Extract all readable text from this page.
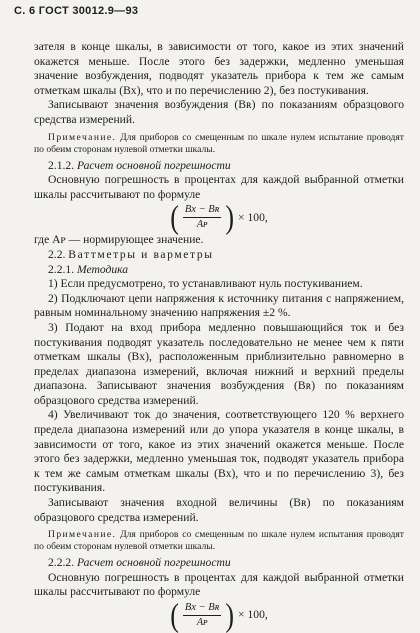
С. 6 ГОСТ 30012.9—93

зателя в конце шкалы, в зависимости от того, какое из этих значений окажется меньше. После этого без задержки, медленно уменьшая значение возбуждения, подводят указатель прибора к тем же самым отметкам шкалы (Bx), что и по перечислению 2), без постукивания.

Записывают значения возбуждения (Bʀ) по показаниям образцового средства измерений.

Примечание. Для приборов со смещенным по шкале нулем испытание проводят по обеим сторонам нулевой отметки шкалы.

2.1.2. Расчет основной погрешности

Основную погрешность в процентах для каждой выбранной отметки шкалы рассчитывают по формуле

( $\frac{\text{Bx − Bʀ}}{\text{Aᴘ}}$ ) × 100,

где Aᴘ — нормирующее значение.

2.2. Ваттметры и варметры

2.2.1. Методика

1) Если предусмотрено, то устанавливают нуль постукиванием.

2) Подключают цепи напряжения к источнику питания с напряжением, равным номинальному значению напряжения ±2 %.

3) Подают на вход прибора медленно повышающийся ток и без постукивания подводят указатель последовательно не менее чем к пяти отметкам шкалы (Bx), расположенным приблизительно равномерно в пределах диапазона измерений, включая нижний и верхний пределы диапазона. Записывают значения возбуждения (Bʀ) по показаниям образцового средства измерений.

4) Увеличивают ток до значения, соответствующего 120 % верхнего предела диапазона измерений или до упора указателя в конце шкалы, в зависимости от того, какое из этих значений окажется меньше. После этого без задержки, медленно уменьшая ток, подводят указатель прибора к тем же самым отметкам шкалы (Bx), что и по перечислению 3), без постукивания.

Записывают значения входной величины (Bʀ) по показаниям образцового средства измерений.

Примечание. Для приборов со смещенным по шкале нулем испытания проводят по обеим сторонам нулевой отметки шкалы.

2.2.2. Расчет основной погрешности

Основную погрешность в процентах для каждой выбранной отметки шкалы рассчитывают по формуле

( $\frac{\text{Bx − Bʀ}}{\text{Aᴘ}}$ ) × 100,
